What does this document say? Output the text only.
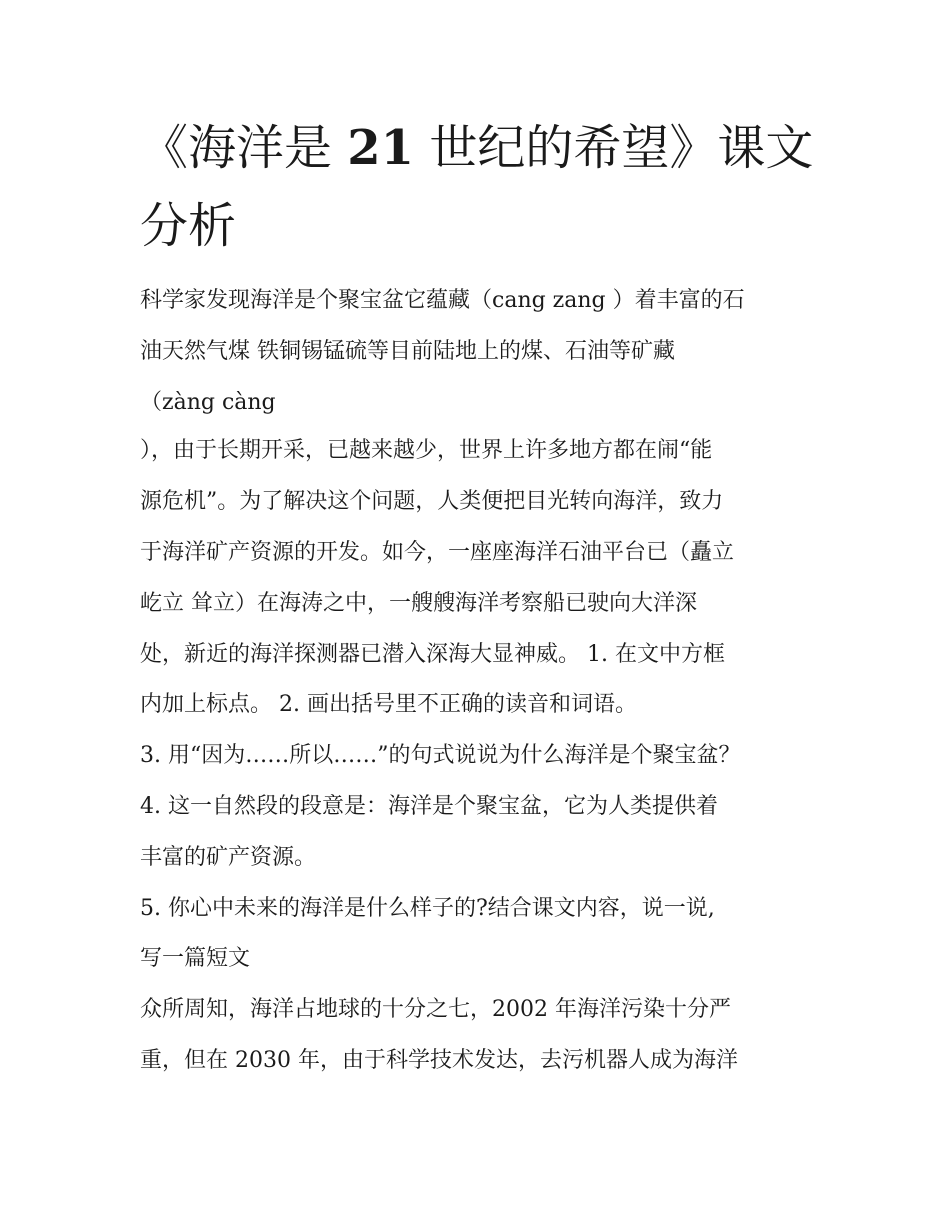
《海洋是 21 世纪的希望》课文
分析

科学家发现海洋是个聚宝盆它蕴藏（cang zang ）着丰富的石

油天然气煤 铁铜锡锰硫等目前陆地上的煤、石油等矿藏

（zàng càng

），由于长期开采，已越来越少，世界上许多地方都在闹“能

源危机”。为了解决这个问题，人类便把目光转向海洋，致力

于海洋矿产资源的开发。如今，一座座海洋石油平台已（矗立

屹立 耸立）在海涛之中，一艘艘海洋考察船已驶向大洋深

处，新近的海洋探测器已潜入深海大显神威。 1. 在文中方框

内加上标点。 2. 画出括号里不正确的读音和词语。

3. 用“因为……所以……”的句式说说为什么海洋是个聚宝盆？

4. 这一自然段的段意是：海洋是个聚宝盆，它为人类提供着

丰富的矿产资源。

5. 你心中未来的海洋是什么样子的?结合课文内容，说一说,

写一篇短文

众所周知，海洋占地球的十分之七，2002 年海洋污染十分严

重，但在 2030 年，由于科学技术发达，去污机器人成为海洋
